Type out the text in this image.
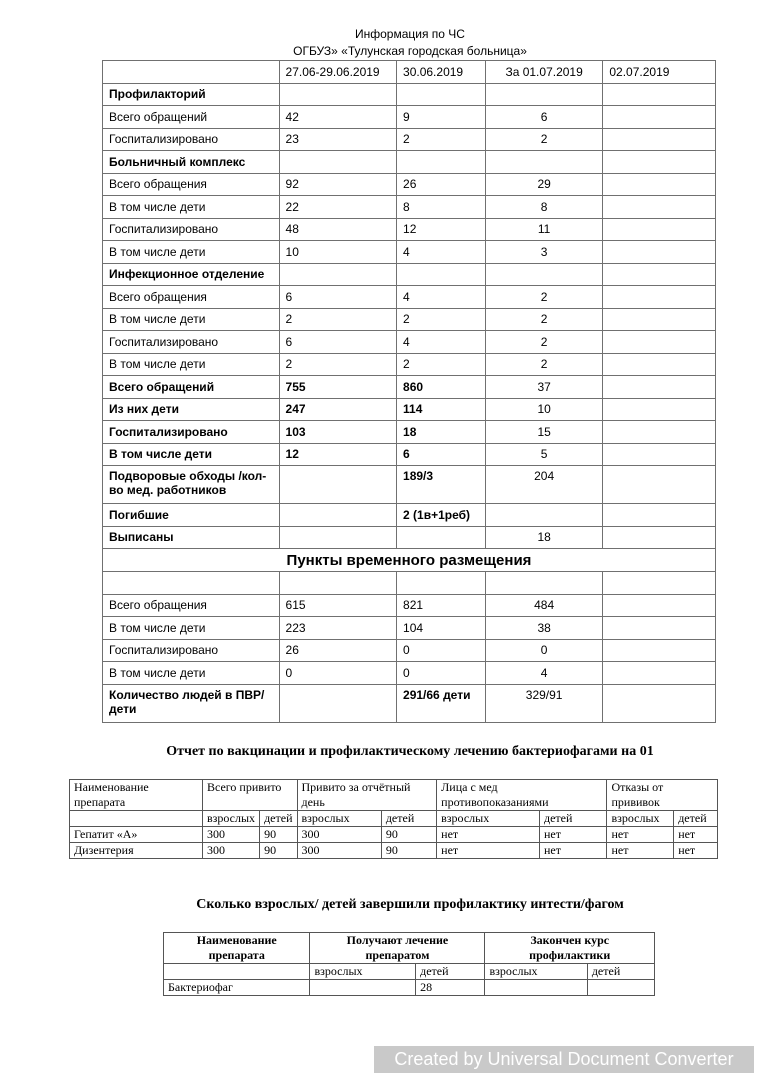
Информация по ЧС
ОГБУЗ» «Тулунская городская больница»
	27.06-29.06.2019	30.06.2019	За 01.07.2019	02.07.2019
Профилакторий				
Всего обращений	42	9	6	
Госпитализировано	23	2	2	
Больничный комплекс				
Всего обращения	92	26	29	
В том числе дети	22	8	8	
Госпитализировано	48	12	11	
В том числе дети	10	4	3	
Инфекционное отделение				
Всего обращения	6	4	2	
В том числе дети	2	2	2	
Госпитализировано	6	4	2	
В том числе дети	2	2	2	
Всего обращений	755	860	37	
Из них дети	247	114	10	
Госпитализировано	103	18	15	
В том числе дети	12	6	5	
Подворовые обходы /кол-во мед. работников		189/3	204	
Погибшие		2 (1в+1реб)		
Выписаны			18	
Пункты временного размещения				

Всего обращения	615	821	484	
В том числе дети	223	104	38	
Госпитализировано	26	0	0	
В том числе дети	0	0	4	
Количество людей в ПВР/ дети		291/66 дети	329/91	
Отчет по вакцинации и профилактическому лечению бактериофагами на 01
Наименование препарата	Всего привито		Привито за отчётный день		Лица с мед противопоказаниями		Отказы от прививок	
	взрослых	детей	взрослых	детей	взрослых	детей	взрослых	детей
Гепатит «А»	300	90	300	90	нет	нет	нет	нет
Дизентерия	300	90	300	90	нет	нет	нет	нет
Сколько взрослых/ детей завершили профилактику интести/фагом
Наименование препарата	Получают лечение препаратом		Закончен курс профилактики	
	взрослых	детей	взрослых	детей
Бактериофаг		28		
Created by Universal Document Converter
